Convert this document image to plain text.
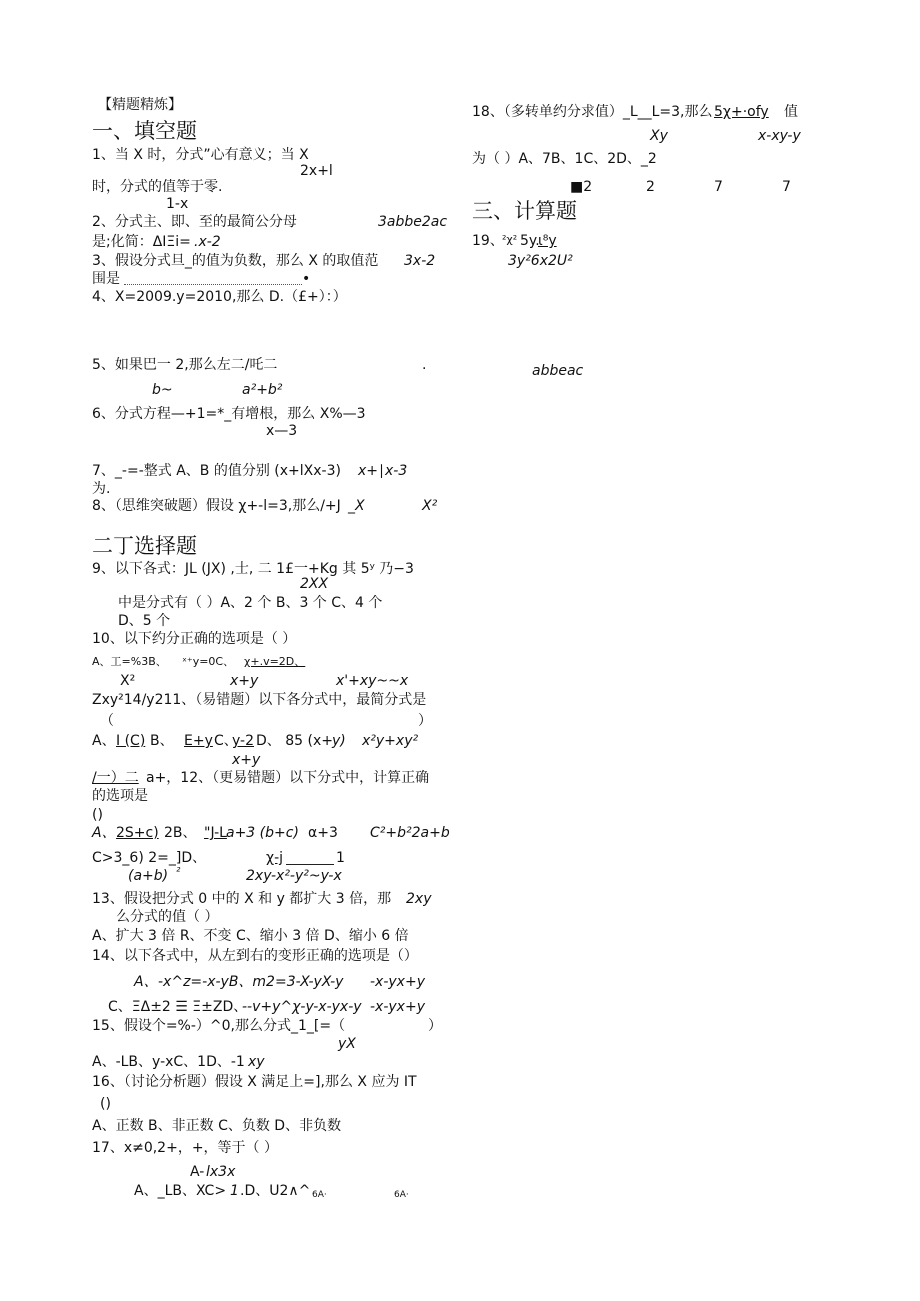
【精题精炼】
一、填空题
1、当 X 时，分式”心有意义；当 X
2x+l
时，分式的值等于零.
1-x
2、分式主、即、至的最简公分母	3abbe2ac
是;化简：ΔΙΞi= .x-2
3、假设分式旦_的值为负数，那么 X 的取值范 3x-2
围是	•
4、X=2009.y=2010,那么 D.（£+）：）
5、如果巴一 2,那么左二/吒二	.
b~	a²+b²
6、分式方程—+1=*_有增根，那么 X%—3
x—3
7、_-=-整式 A、B 的值分别 (x+lXx-3) x+∣x-3
为.
8、（思维突破题）假设 χ+-l=3,那么/+J _X	X²
二丁选择题
9、以下各式：JL (JX) ,士, 二 1£一+Kg 其 5ʸ 乃−3
2XX
中是分式有（ ）A、2 个 B、3 个 C、4 个
D、5 个
10、以下约分正确的选项是（ ）
A、工=%3B、 ˣ⁺y=0C、 χ+.v=2D、
X²	x+y	x'+xy~~x
Zxy²14/y211、（易错题）以下各分式中，最简分式是
（	）
A、 I (C) B、 E+y C、
y-2 D、 85 (x+ y) x²y+xy²
x+y
/一）二 a+，12、（更易错题）以下分式中，计算正确
的选项是
()
A、 2S+c) 2B、 "J-L a+3 (b+c) α+3 C²+b²2a+b
C>3_6) 2=_]D、	χ-j	1
(a+b) ²	2xy-x²-y²~y-x
13、假设把分式 0 中的 X 和 y 都扩大 3 倍，那 2xy
么分式的值（ ）
A、扩大 3 倍 R、不变 C、缩小 3 倍 D、缩小 6 倍
14、以下各式中，从左到右的变形正确的选项是（）
A、 -x^z=-x-yB、m2=3-X-yX-y -x-yx+y
C、ΞΔ±2 ☰ Ξ±ZD、
--v+y^χ-y-x-yx-y -x-yx+y
15、假设个=%-）^0,那么分式_1_[=（	）
yX
A、-LB、y-xC、1D、-1 xy
16、（讨论分析题）假设 X 满足上=],那么 X 应为 IT
()
A、正数 B、非正数 C、负数 D、非负数
17、x≠0,2+，+，等于（ ）
A- lx3x
A、_LB、XC> 1 .D、U2∧^ 6A·	6A·
18、（多转单约分求值）_L__L=3,那么 5χ+·ofy 值
Xy	x-xy-y
为（ ）A、7B、1C、2D、_2
■2	2	7	7
三、计算题
19、
²χ² 5y.
ι⁸y
3y²6x2U²
abbeac
